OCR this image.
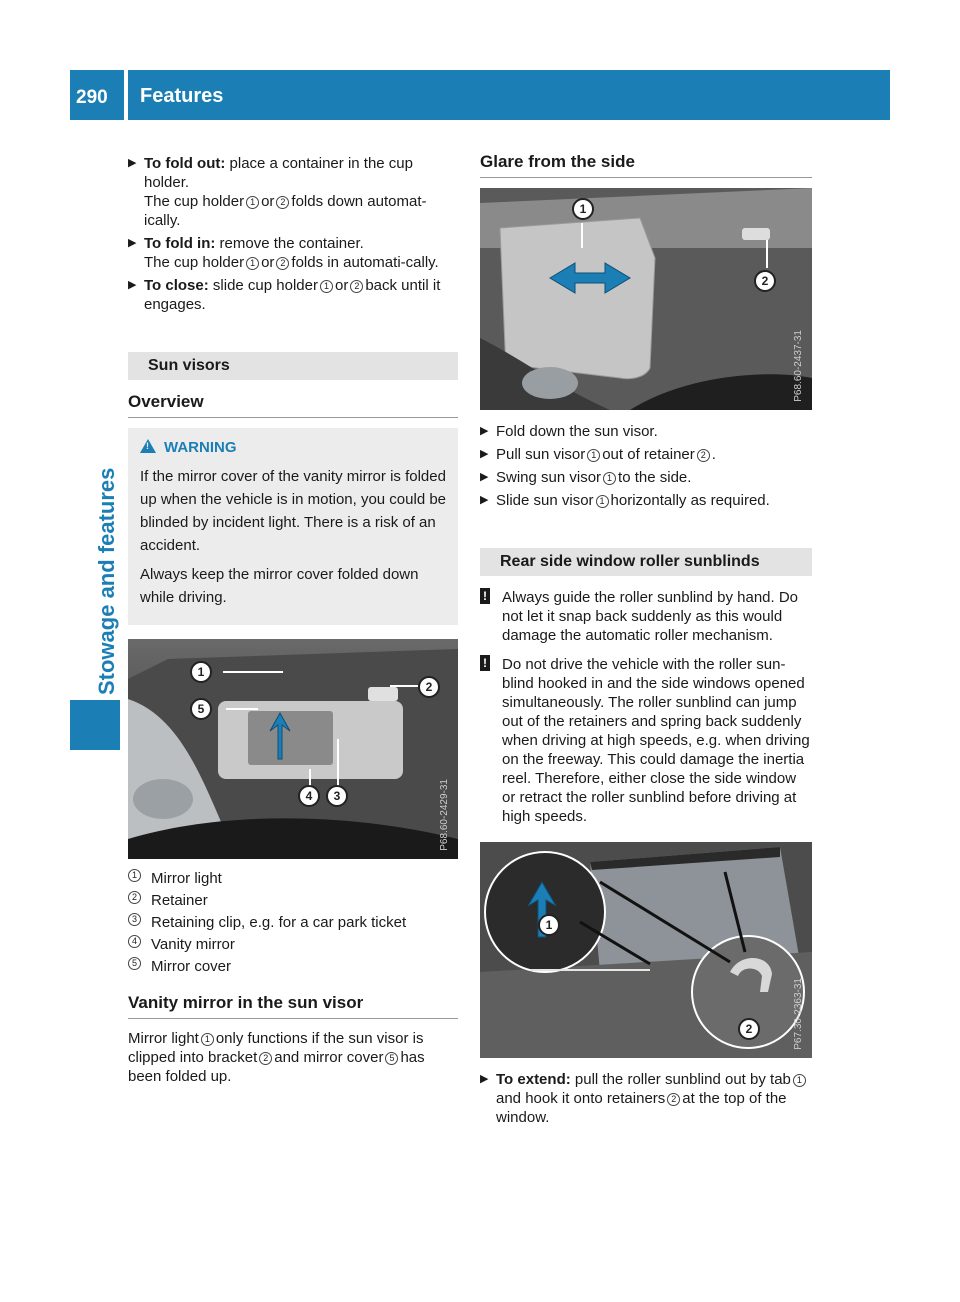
290 Features
Stowage and features
▶ To fold out: place a container in the cup holder.

The cup holder 1 or 2 folds down automat-ically.

▶ To fold in: remove the container.

The cup holder 1 or 2 folds in automati-cally.

▶ To close: slide cup holder 1 or 2 back until it engages.

Sun visors
Overview
!WARNING

If the mirror cover of the vanity mirror is folded up when the vehicle is in motion, you could be blinded by incident light. There is a risk of an accident.

Always keep the mirror cover folded down while driving.

1
5
2
4	3	P68.60-2429-31
1 Mirror light
2 Retainer
3 Retaining clip, e.g. for a car park ticket
4 Vanity mirror
5 Mirror cover
Vanity mirror in the sun visor

Mirror light 1 only functions if the sun visor is clipped into bracket 2 and mirror cover 5 has been folded up.

Glare from the side
1
2
P68.60-2437-31
▶ Fold down the sun visor.

▶ Pull sun visor 1 out of retainer 2 .

▶ Swing sun visor 1 to the side.

▶ Slide sun visor 1 horizontally as required.

Rear side window roller sunblinds
! Always guide the roller sunblind by hand. Do not let it snap back suddenly as this would damage the automatic roller mechanism.

! Do not drive the vehicle with the roller sun-blind hooked in and the side windows opened simultaneously. The roller sunblind can jump out of the retainers and spring back suddenly when driving at high speeds, e.g. when driving on the freeway. This could damage the inertia reel. Therefore, either close the side window or retract the roller sunblind before driving at high speeds.

1
2	P67.30-2363-31
▶ To extend: pull the roller sunblind out by tab 1and hook it onto retainers 2 at the top of the window.
